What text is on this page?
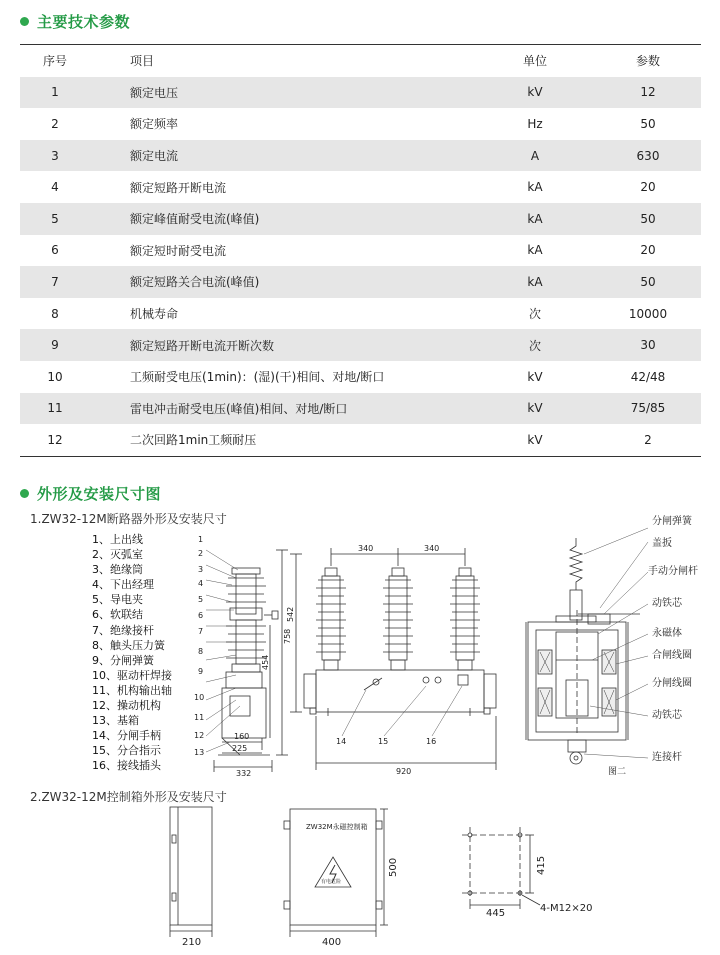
主要技术参数
序号	项目	单位	参数
1	额定电压	kV	12
2	额定频率	Hz	50
3	额定电流	A	630
4	额定短路开断电流	kA	20
5	额定峰值耐受电流(峰值)	kA	50
6	额定短时耐受电流	kA	20
7	额定短路关合电流(峰值)	kA	50
8	机械寿命	次	10000
9	额定短路开断电流开断次数	次	30
10	工频耐受电压(1min)：(湿)(干)相间、对地/断口	kV	42/48
11	雷电冲击耐受电压(峰值)相间、对地/断口	kV	75/85
12	二次回路1min工频耐压	kV	2
外形及安装尺寸图
1.ZW32-12M断路器外形及安装尺寸
1、上出线
2、灭弧室
3、绝缘筒
4、下出经理
5、导电夹
6、软联结
7、绝缘接杆
8、触头压力簧
9、分闸弹簧
10、驱动杆焊接
11、机构输出轴
12、操动机构
13、基箱
14、分闸手柄
15、分合指示
16、接线插头
1
2
3
4
5
6
7
8
9
10
11
12
13
758
454
160
225
332
340	340
542
920
14	15	16
分闸弹簧
盖扳
手动分闸杆
动铁芯
永磁体
合闸线圈
分闸线圈
动铁芯
连接杆
图二
2.ZW32-12M控制箱外形及安装尺寸
ZW32M永磁控制箱
有电危险
210	400
500	415
445	4-M12×20
